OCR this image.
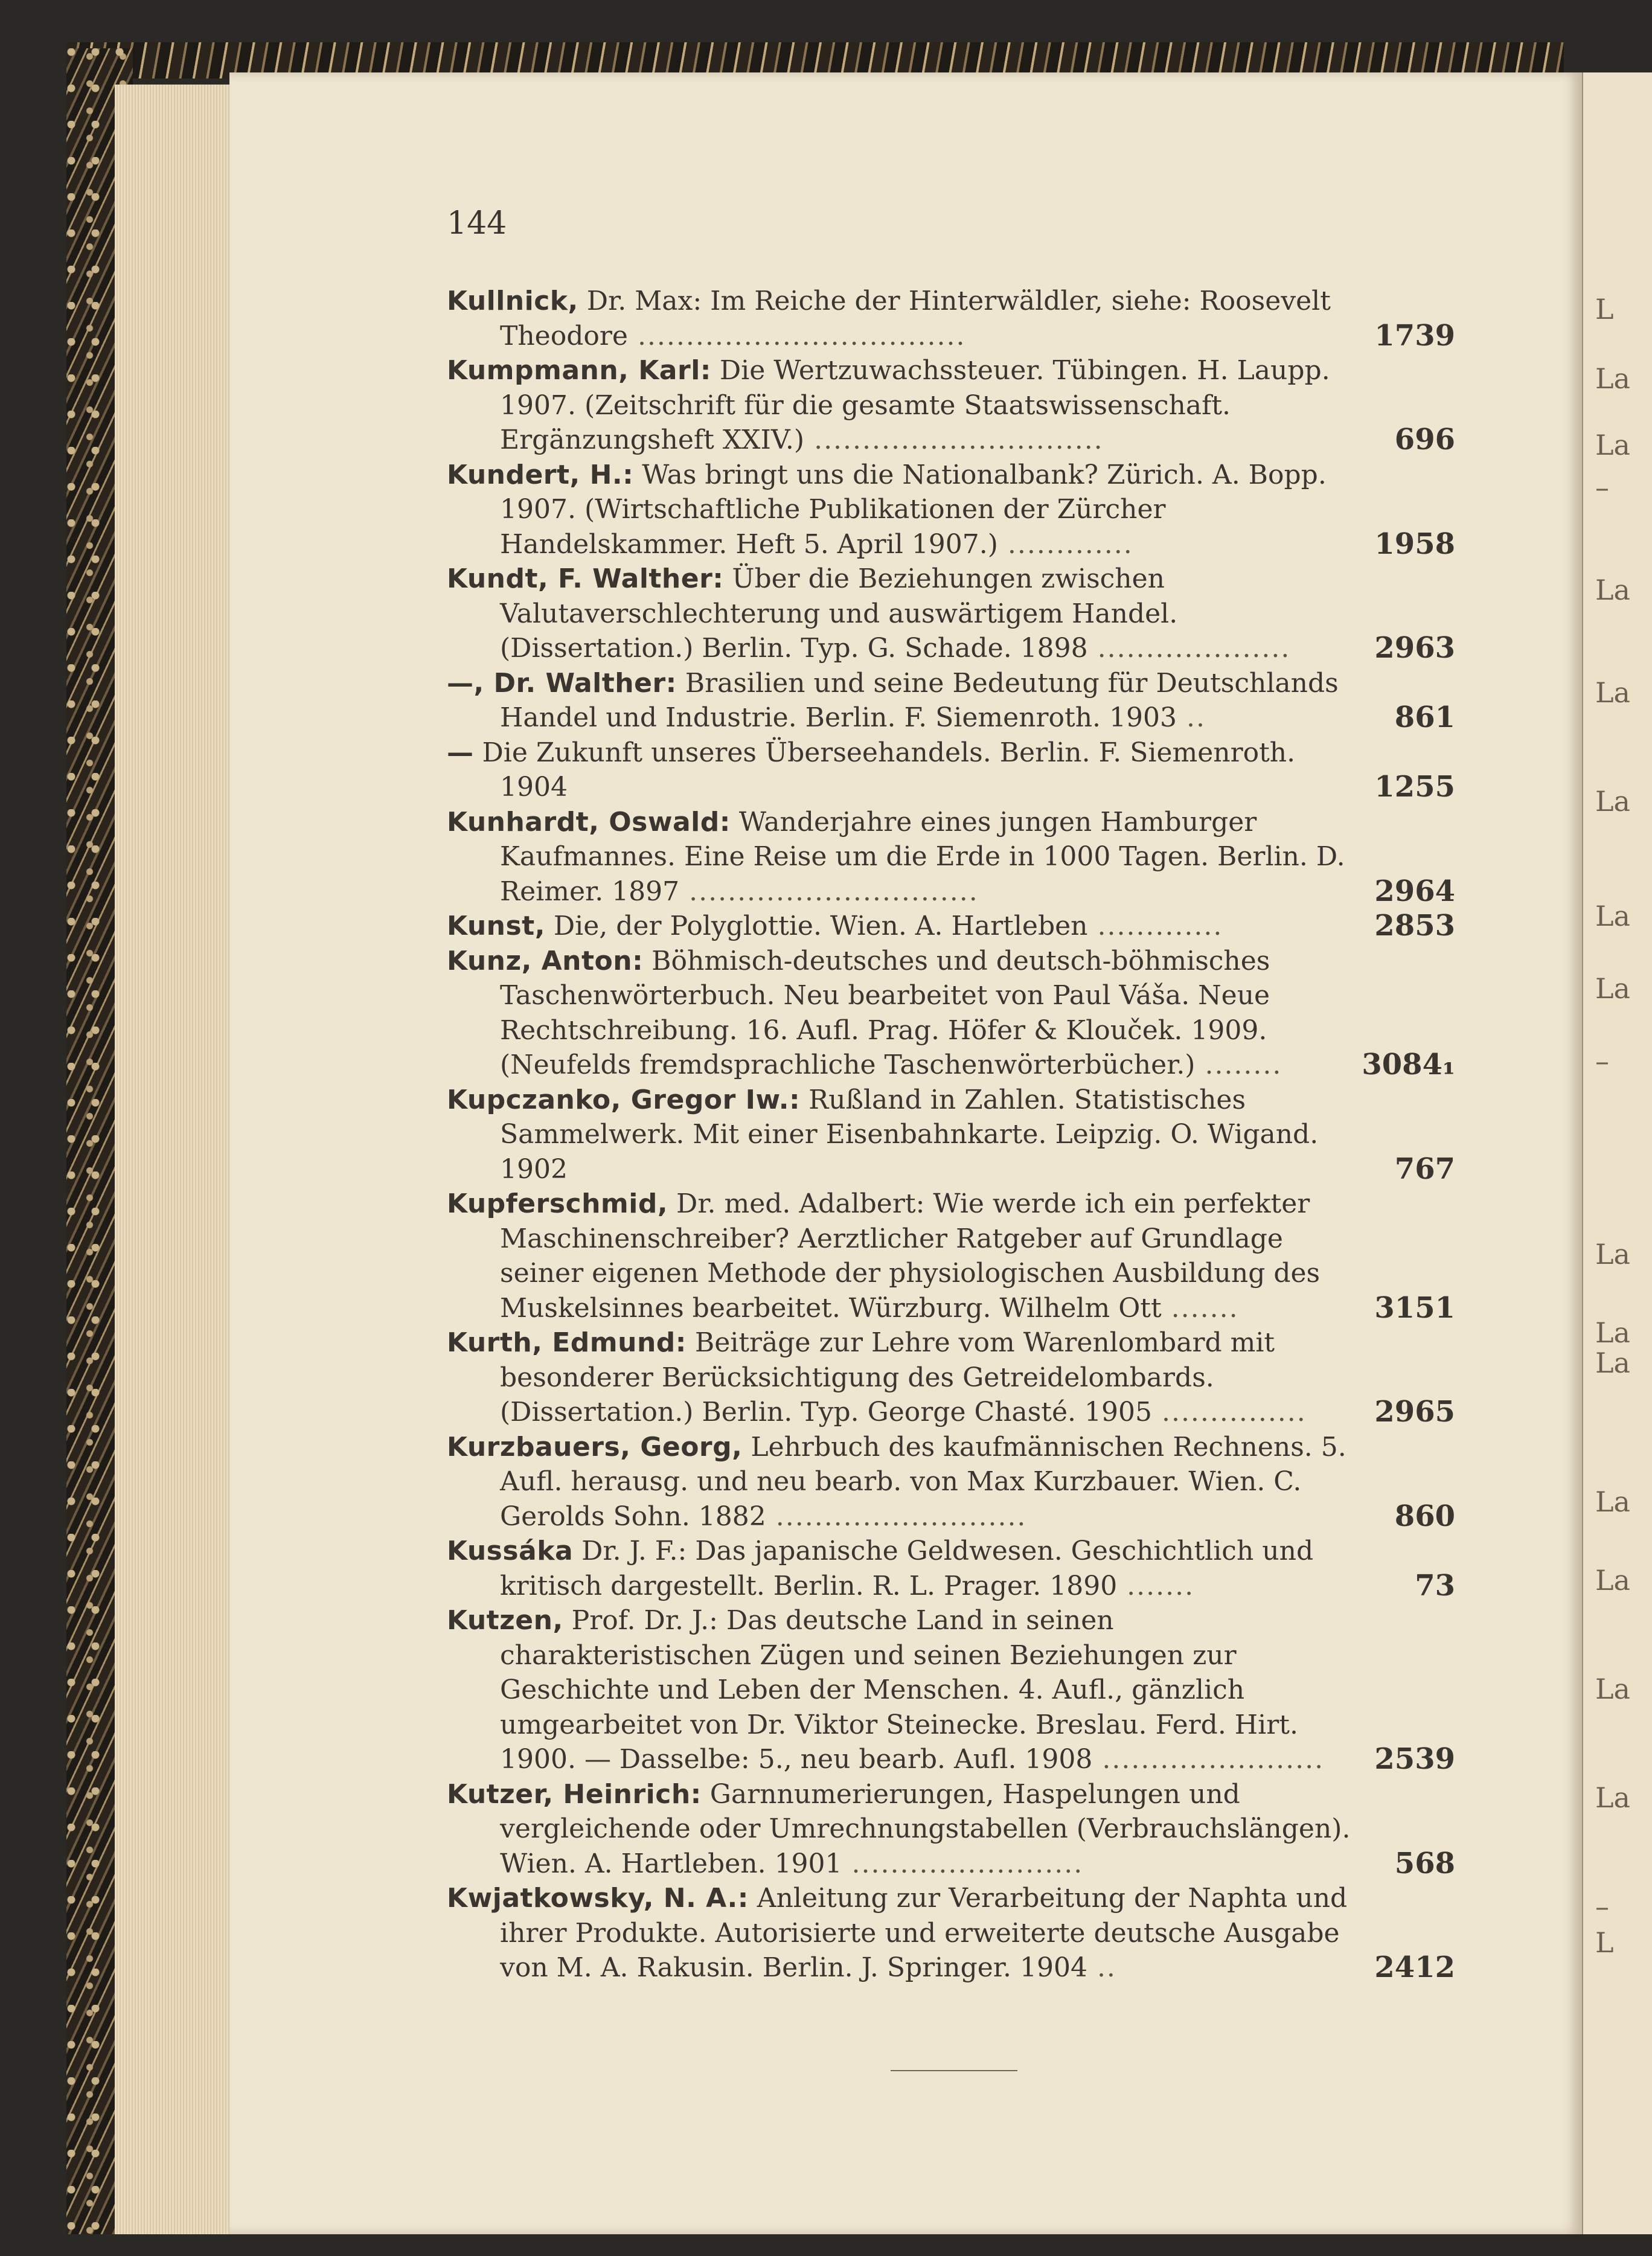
L
La
La
–
La
La
La
La
La
–
La
La
La
La
La
La
La
–
L
144

Kullnick, Dr. Max: Im Reiche der Hinterwäldler, siehe: Roosevelt Theodore ..................................	1739

Kumpmann, Karl: Die Wertzuwachssteuer. Tübingen. H. Laupp. 1907. (Zeitschrift für die gesamte Staatswissenschaft. Ergänzungsheft XXIV.) ..............................	696

Kundert, H.: Was bringt uns die Nationalbank? Zürich. A. Bopp. 1907. (Wirtschaftliche Publikationen der Zürcher Handelskammer. Heft 5. April 1907.) .............	1958

Kundt, F. Walther: Über die Beziehungen zwischen Valutaverschlechterung und auswärtigem Handel. (Dissertation.) Berlin. Typ. G. Schade. 1898 ....................	2963

—, Dr. Walther: Brasilien und seine Bedeutung für Deutschlands Handel und Industrie. Berlin. F. Siemenroth. 1903 ..	861

— Die Zukunft unseres Überseehandels. Berlin. F. Siemenroth. 1904	1255

Kunhardt, Oswald: Wanderjahre eines jungen Hamburger Kaufmannes. Eine Reise um die Erde in 1000 Tagen. Berlin. D. Reimer. 1897 ..............................	2964

Kunst, Die, der Polyglottie. Wien. A. Hartleben .............	2853

Kunz, Anton: Böhmisch-deutsches und deutsch-böhmisches Taschenwörterbuch. Neu bearbeitet von Paul Váša. Neue Rechtschreibung. 16. Aufl. Prag. Höfer & Klouček. 1909. (Neufelds fremdsprachliche Taschenwörterbücher.) ........	3084₁

Kupczanko, Gregor Iw.: Rußland in Zahlen. Statistisches Sammelwerk. Mit einer Eisenbahnkarte. Leipzig. O. Wigand. 1902	767

Kupferschmid, Dr. med. Adalbert: Wie werde ich ein perfekter Maschinenschreiber? Aerztlicher Ratgeber auf Grundlage seiner eigenen Methode der physiologischen Ausbildung des Muskelsinnes bearbeitet. Würzburg. Wilhelm Ott .......	3151

Kurth, Edmund: Beiträge zur Lehre vom Warenlombard mit besonderer Berücksichtigung des Getreidelombards. (Dissertation.) Berlin. Typ. George Chasté. 1905 ............... 2965

Kurzbauers, Georg, Lehrbuch des kaufmännischen Rechnens. 5. Aufl. herausg. und neu bearb. von Max Kurzbauer. Wien. C. Gerolds Sohn. 1882 ..........................	860

Kussáka Dr. J. F.: Das japanische Geldwesen. Geschichtlich und kritisch dargestellt. Berlin. R. L. Prager. 1890 .......	73

Kutzen, Prof. Dr. J.: Das deutsche Land in seinen charakteristischen Zügen und seinen Beziehungen zur Geschichte und Leben der Menschen. 4. Aufl., gänzlich umgearbeitet von Dr. Viktor Steinecke. Breslau. Ferd. Hirt. 1900. — Dasselbe: 5., neu bearb. Aufl. 1908 ....................... 2539

Kutzer, Heinrich: Garnnumerierungen, Haspelungen und vergleichende oder Umrechnungstabellen (Verbrauchslängen). Wien. A. Hartleben. 1901 ........................	568

Kwjatkowsky, N. A.: Anleitung zur Verarbeitung der Naphta und ihrer Produkte. Autorisierte und erweiterte deutsche Ausgabe von M. A. Rakusin. Berlin. J. Springer. 1904 ..	2412
